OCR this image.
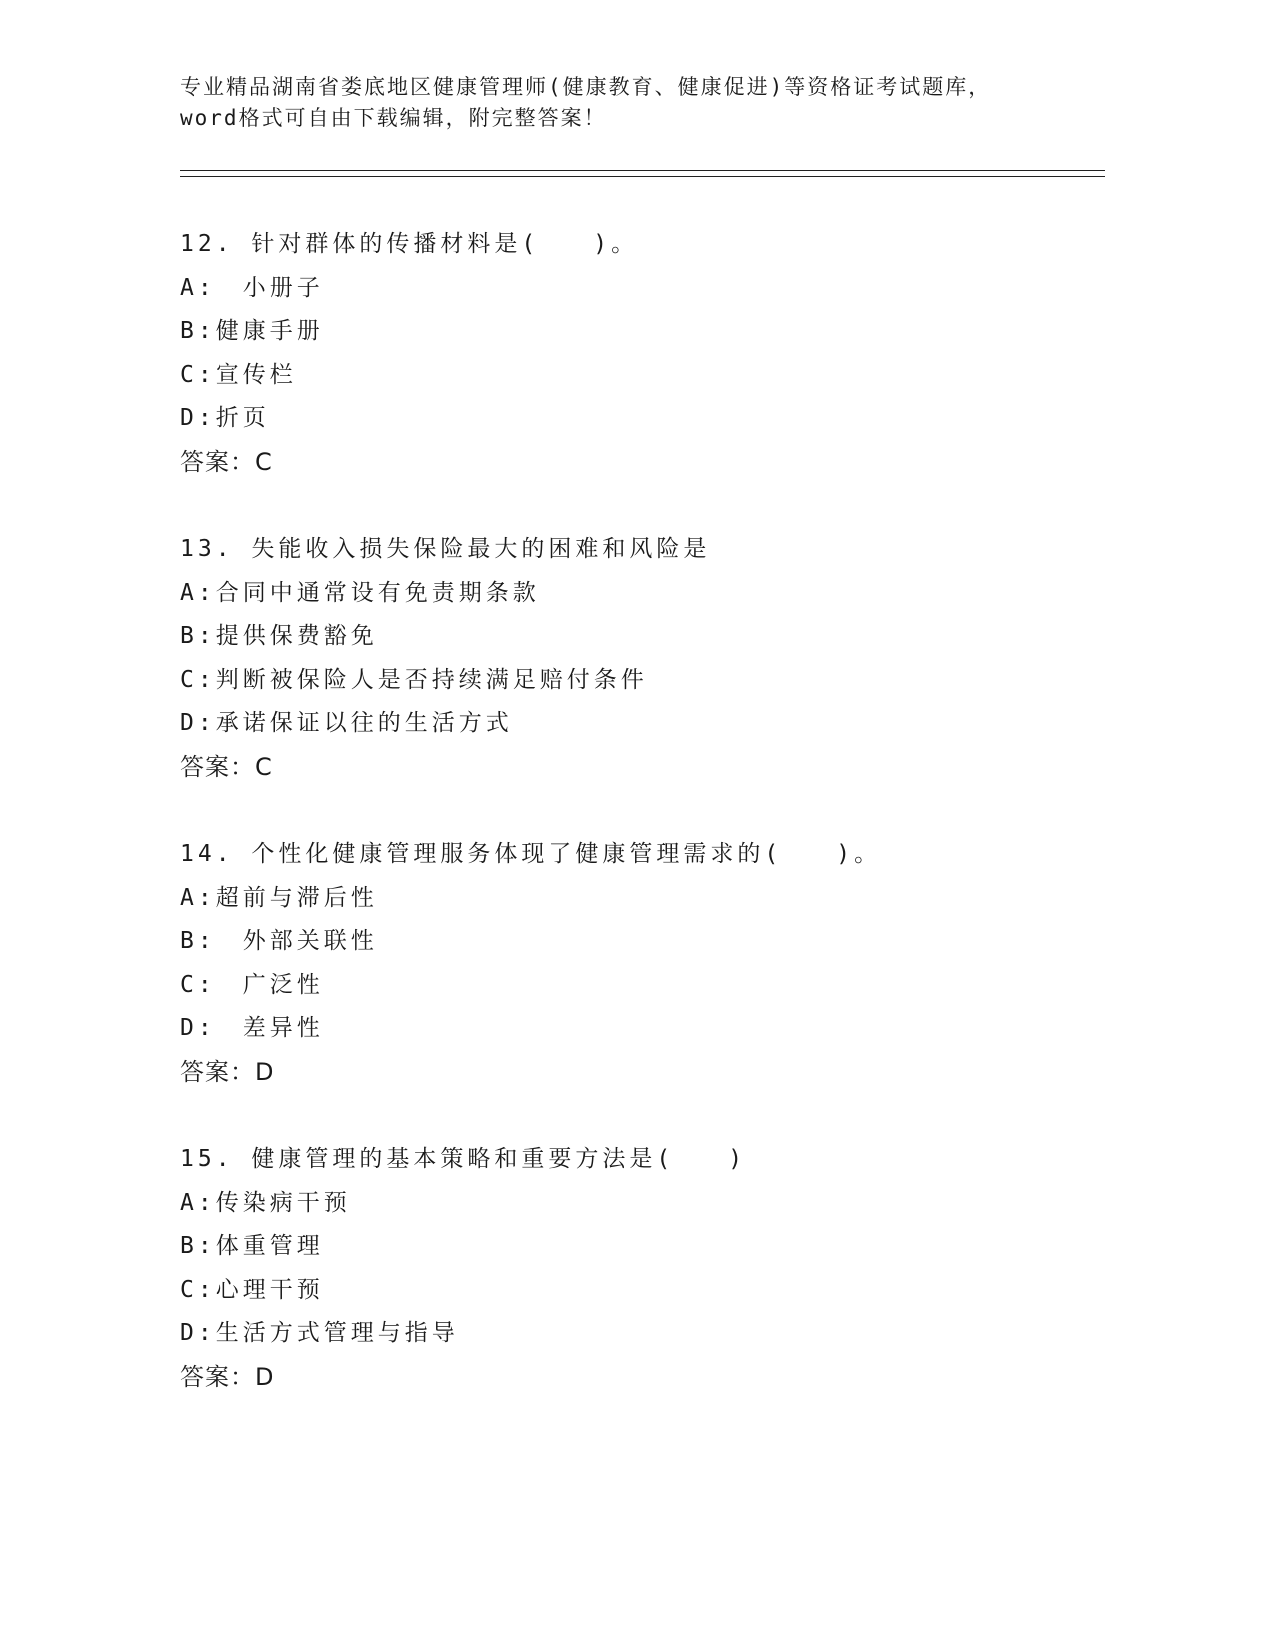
专业精品湖南省娄底地区健康管理师(健康教育、健康促进)等资格证考试题库，

word格式可自由下载编辑，附完整答案！
12. 针对群体的传播材料是(　　)。
A:　小册子
B:健康手册
C:宣传栏
D:折页
答案：C
13. 失能收入损失保险最大的困难和风险是
A:合同中通常设有免责期条款
B:提供保费豁免
C:判断被保险人是否持续满足赔付条件
D:承诺保证以往的生活方式
答案：C
14. 个性化健康管理服务体现了健康管理需求的(　　)。
A:超前与滞后性
B:　外部关联性
C:　广泛性
D:　差异性
答案：D
15. 健康管理的基本策略和重要方法是(　　)
A:传染病干预
B:体重管理
C:心理干预
D:生活方式管理与指导
答案：D
